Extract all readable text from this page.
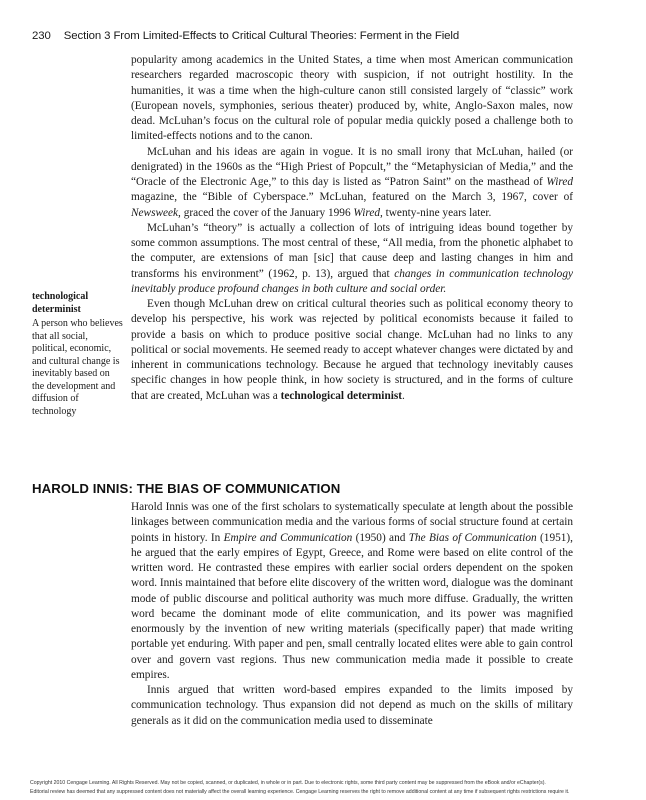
230 Section 3 From Limited-Effects to Critical Cultural Theories: Ferment in the Field

popularity among academics in the United States, a time when most American communication researchers regarded macroscopic theory with suspicion, if not outright hostility. In the humanities, it was a time when the high-culture canon still consisted largely of “classic” work (European novels, symphonies, serious theater) produced by, white, Anglo-Saxon males, now dead. McLuhan’s focus on the cultural role of popular media quickly posed a challenge both to limited-effects notions and to the canon.

McLuhan and his ideas are again in vogue. It is no small irony that McLuhan, hailed (or denigrated) in the 1960s as the “High Priest of Popcult,” the “Metaphysician of Media,” and the “Oracle of the Electronic Age,” to this day is listed as “Patron Saint” on the masthead of Wired magazine, the “Bible of Cyberspace.” McLuhan, featured on the March 3, 1967, cover of Newsweek, graced the cover of the January 1996 Wired, twenty-nine years later.

McLuhan’s “theory” is actually a collection of lots of intriguing ideas bound together by some common assumptions. The most central of these, “All media, from the phonetic alphabet to the computer, are extensions of man [sic] that cause deep and lasting changes in him and transforms his environment” (1962, p. 13), argued that changes in communication technology inevitably produce profound changes in both culture and social order.

Even though McLuhan drew on critical cultural theories such as political economy theory to develop his perspective, his work was rejected by political economists because it failed to provide a basis on which to produce positive social change. McLuhan had no links to any political or social movements. He seemed ready to accept whatever changes were dictated by and inherent in communications technology. Because he argued that technology inevitably causes specific changes in how people think, in how society is structured, and in the forms of culture that are created, McLuhan was a technological determinist.

technological determinist
A person who believes that all social, political, economic, and cultural change is inevitably based on the development and diffusion of technology
HAROLD INNIS: THE BIAS OF COMMUNICATION

Harold Innis was one of the first scholars to systematically speculate at length about the possible linkages between communication media and the various forms of social structure found at certain points in history. In Empire and Communication (1950) and The Bias of Communication (1951), he argued that the early empires of Egypt, Greece, and Rome were based on elite control of the written word. He contrasted these empires with earlier social orders dependent on the spoken word. Innis maintained that before elite discovery of the written word, dialogue was the dominant mode of public discourse and political authority was much more diffuse. Gradually, the written word became the dominant mode of elite communication, and its power was magnified enormously by the invention of new writing materials (specifically paper) that made writing portable yet enduring. With paper and pen, small centrally located elites were able to gain control over and govern vast regions. Thus new communication media made it possible to create empires.

Innis argued that written word-based empires expanded to the limits imposed by communication technology. Thus expansion did not depend as much on the skills of military generals as it did on the communication media used to disseminate

Copyright 2010 Cengage Learning. All Rights Reserved. May not be copied, scanned, or duplicated, in whole or in part. Due to electronic rights, some third party content may be suppressed from the eBook and/or eChapter(s).
Editorial review has deemed that any suppressed content does not materially affect the overall learning experience. Cengage Learning reserves the right to remove additional content at any time if subsequent rights restrictions require it.
